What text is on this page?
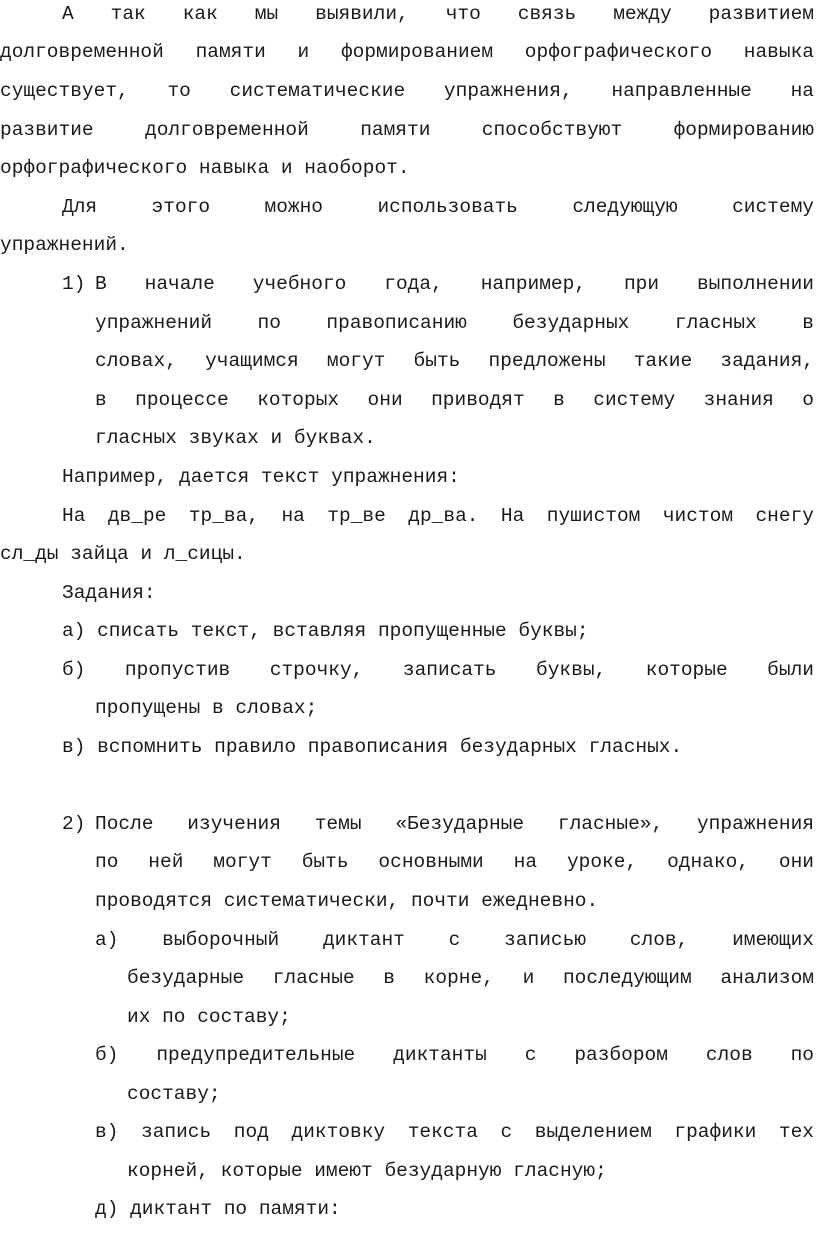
А так как мы выявили, что связь между развитием
долговременной памяти и формированием орфографического навыка
существует, то систематические упражнения, направленные на
развитие долговременной памяти способствуют формированию
орфографического навыка и наоборот.
Для этого можно использовать следующую систему
упражнений.
1) В начале учебного года, например, при выполнении
упражнений по правописанию безударных гласных в
словах, учащимся могут быть предложены такие задания,
в процессе которых они приводят в систему знания о
гласных звуках и буквах.
Например, дается текст упражнения:
На дв_ре тр_ва, на тр_ве др_ва. На пушистом чистом снегу
сл_ды зайца и л_сицы.
Задания:
а) списать текст, вставляя пропущенные буквы;
б) пропустив строчку, записать буквы, которые были
пропущены в словах;
в) вспомнить правило правописания безударных гласных.
2) После изучения темы «Безударные гласные», упражнения
по ней могут быть основными на уроке, однако, они
проводятся систематически, почти ежедневно.
а) выборочный диктант с записью слов, имеющих
безударные гласные в корне, и последующим анализом
их по составу;
б) предупредительные диктанты с разбором слов по
составу;
в) запись под диктовку текста с выделением графики тех
корней, которые имеют безударную гласную;
д) диктант по памяти:
